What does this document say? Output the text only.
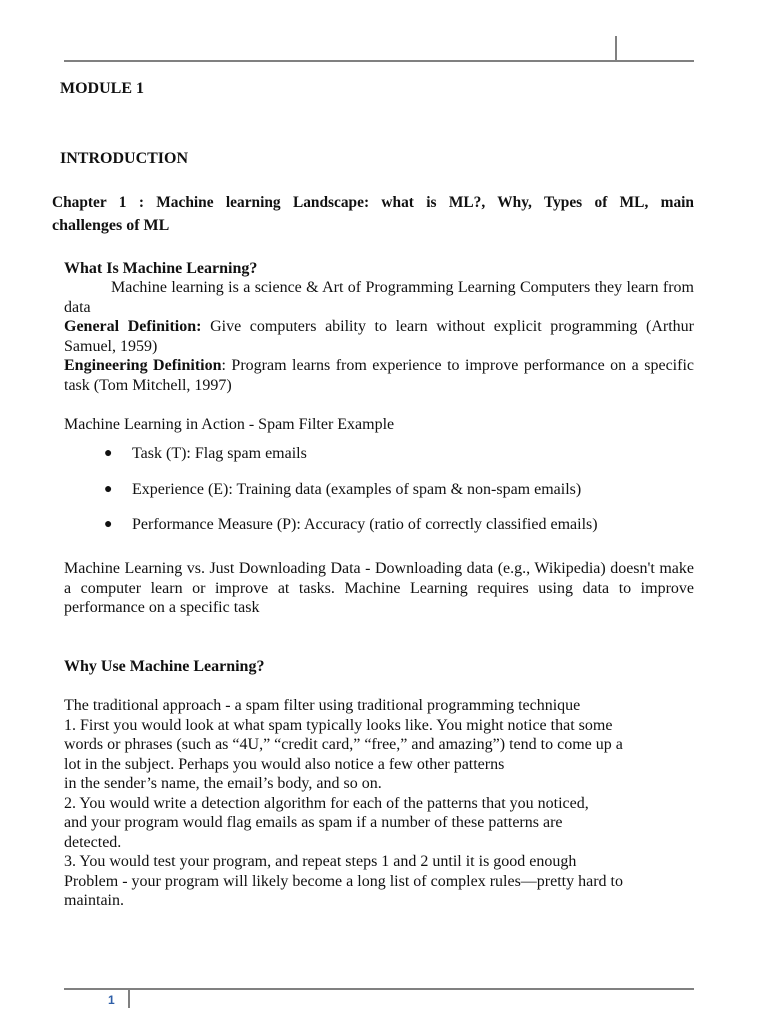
MODULE 1
INTRODUCTION
Chapter 1 : Machine learning Landscape: what is ML?, Why, Types of ML, main
challenges of ML
What Is Machine Learning?
Machine learning is a science & Art of Programming Learning Computers they learn from data
General Definition: Give computers ability to learn without explicit programming (Arthur Samuel, 1959)
Engineering Definition: Program learns from experience to improve performance on a specific task (Tom Mitchell, 1997)
Machine Learning in Action - Spam Filter Example
● Task (T): Flag spam emails
● Experience (E): Training data (examples of spam & non-spam emails)
● Performance Measure (P): Accuracy (ratio of correctly classified emails)
Machine Learning vs. Just Downloading Data - Downloading data (e.g., Wikipedia) doesn't make a computer learn or improve at tasks. Machine Learning requires using data to improve performance on a specific task
Why Use Machine Learning?
The traditional approach - a spam filter using traditional programming technique
1. First you would look at what spam typically looks like. You might notice that some
words or phrases (such as “4U,” “credit card,” “free,” and amazing”) tend to come up a
lot in the subject. Perhaps you would also notice a few other patterns
in the sender’s name, the email’s body, and so on.
2. You would write a detection algorithm for each of the patterns that you noticed,
and your program would flag emails as spam if a number of these patterns are
detected.
3. You would test your program, and repeat steps 1 and 2 until it is good enough
Problem - your program will likely become a long list of complex rules—pretty hard to
maintain.
1
